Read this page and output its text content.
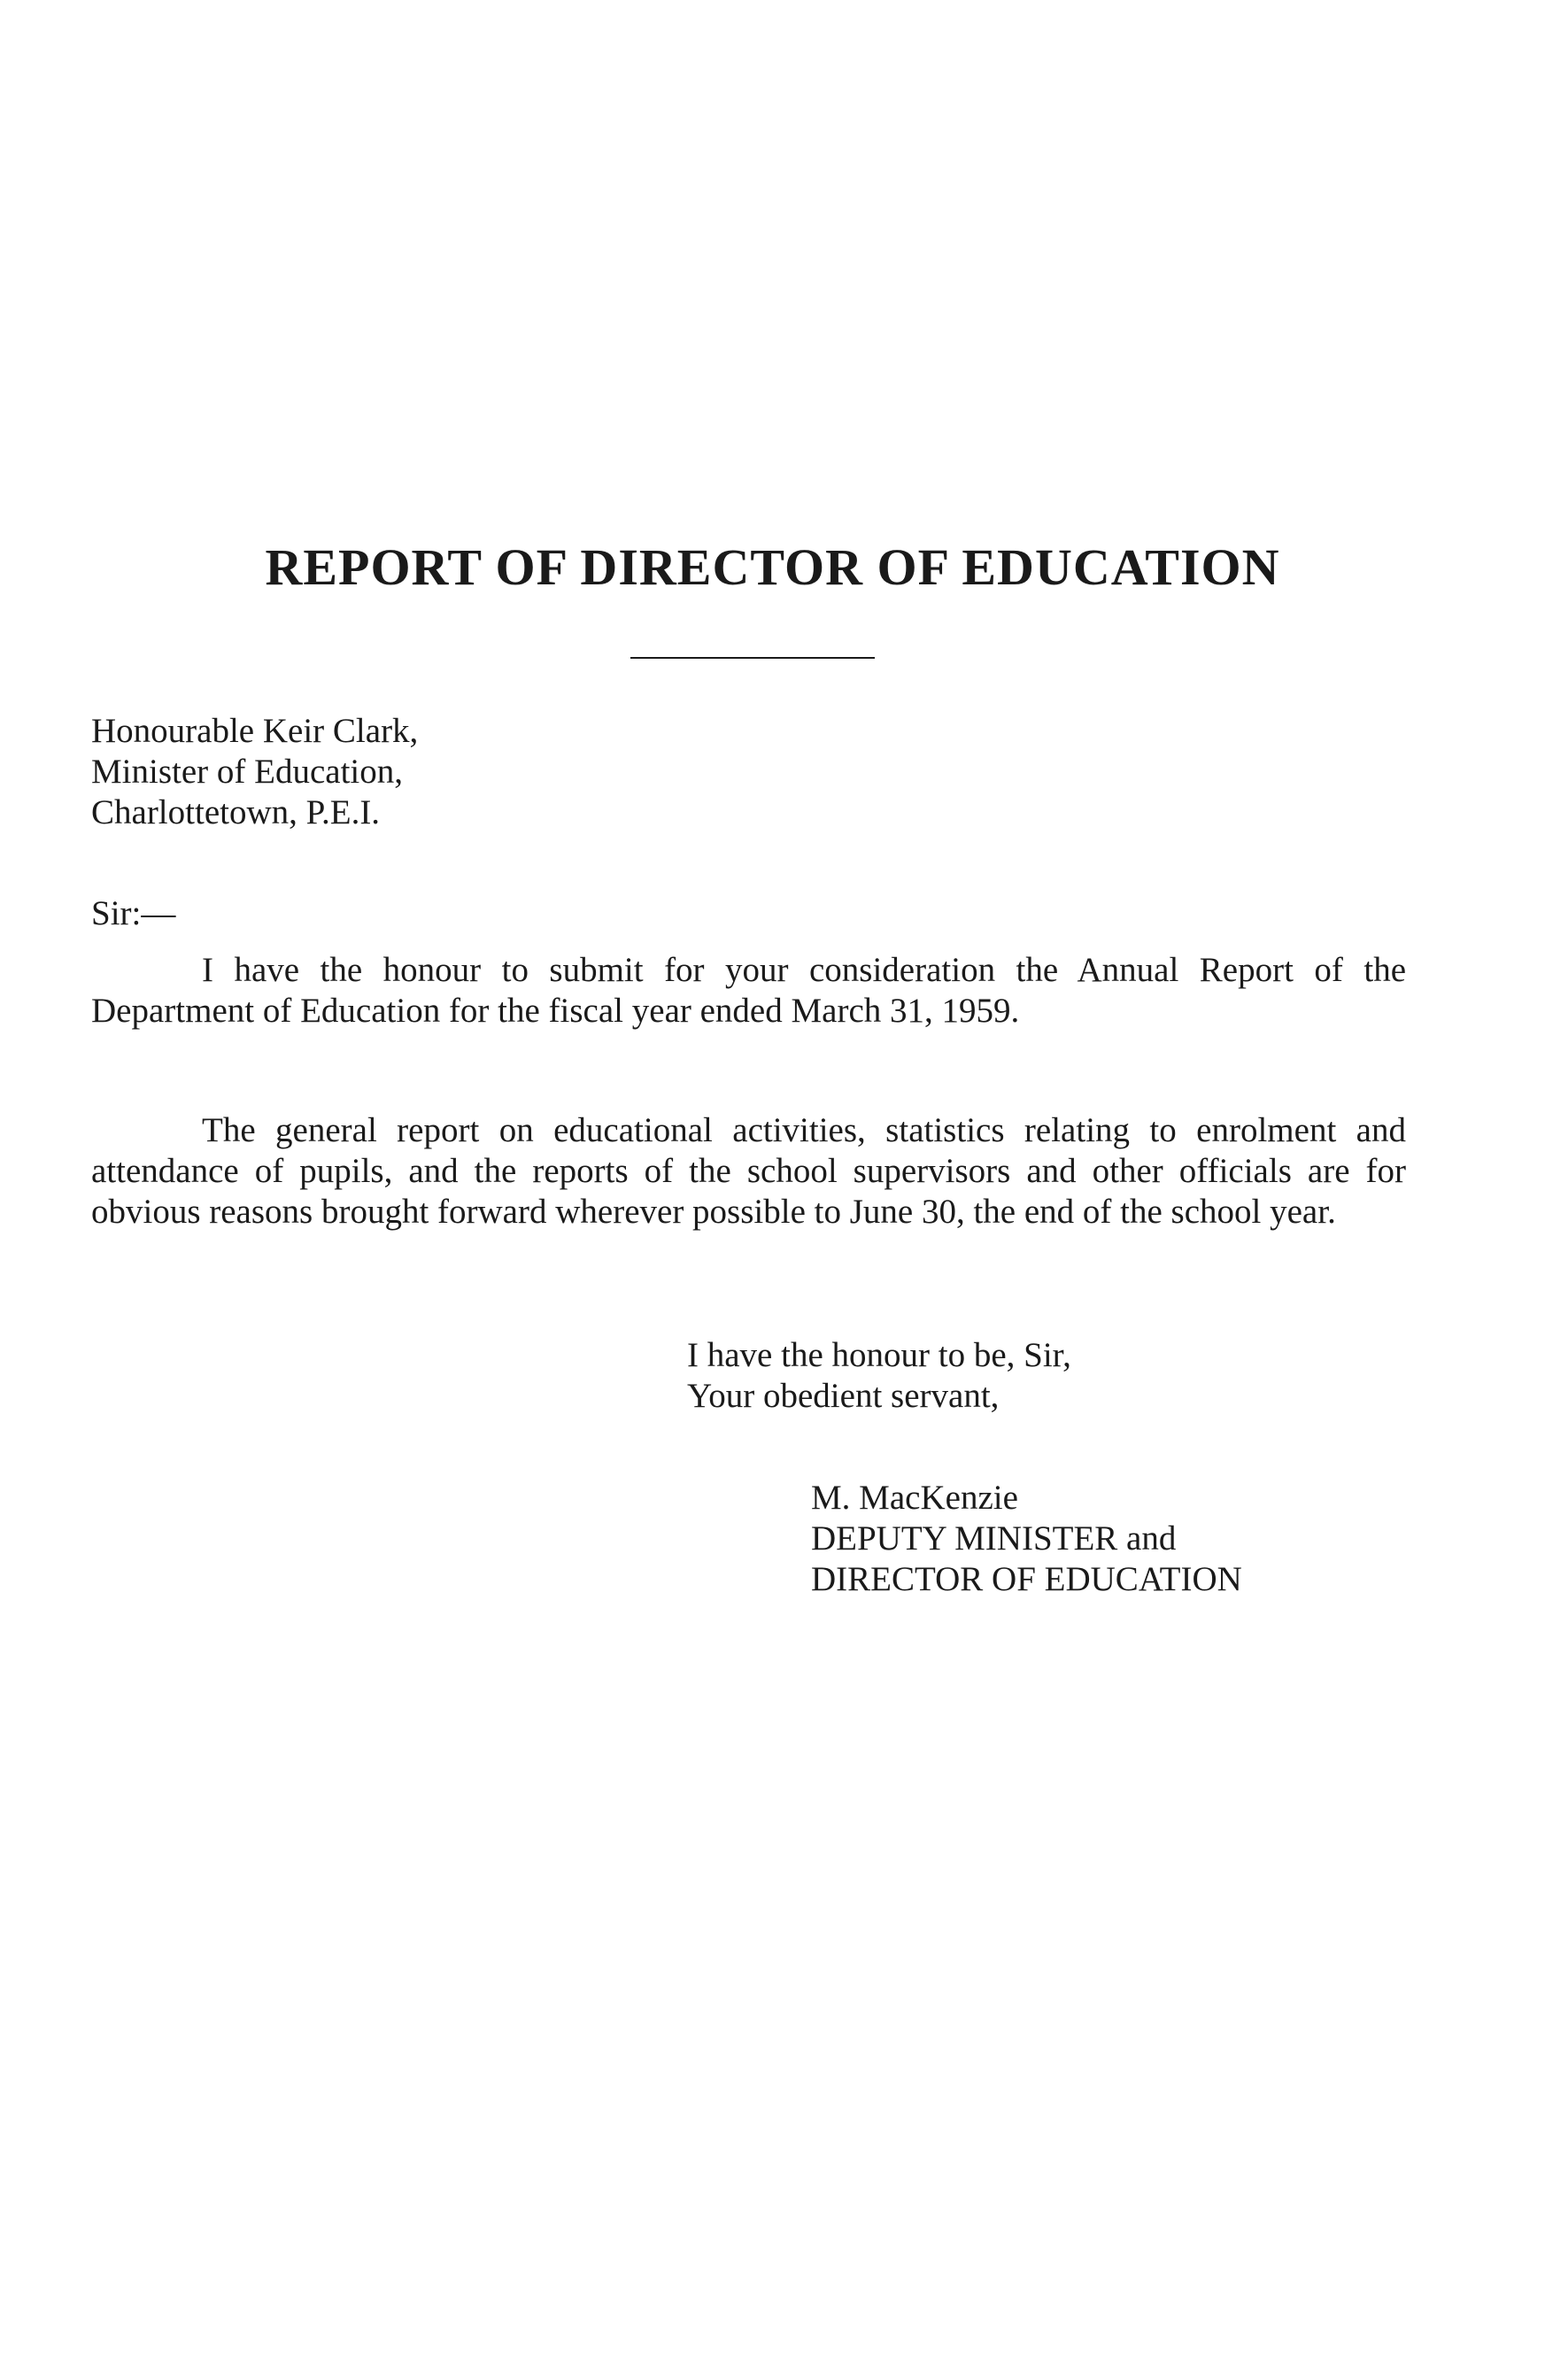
REPORT OF DIRECTOR OF EDUCATION
Honourable Keir Clark,
Minister of Education,
Charlottetown, P.E.I.
Sir:—

I have the honour to submit for your consideration the Annual Report of the Department of Education for the fiscal year ended March 31, 1959.

The general report on educational activities, statistics relating to enrolment and attendance of pupils, and the reports of the school supervisors and other officials are for obvious reasons brought forward wherever possible to June 30, the end of the school year.

I have the honour to be, Sir,
Your obedient servant,
M. MacKenzie
DEPUTY MINISTER and
DIRECTOR OF EDUCATION
